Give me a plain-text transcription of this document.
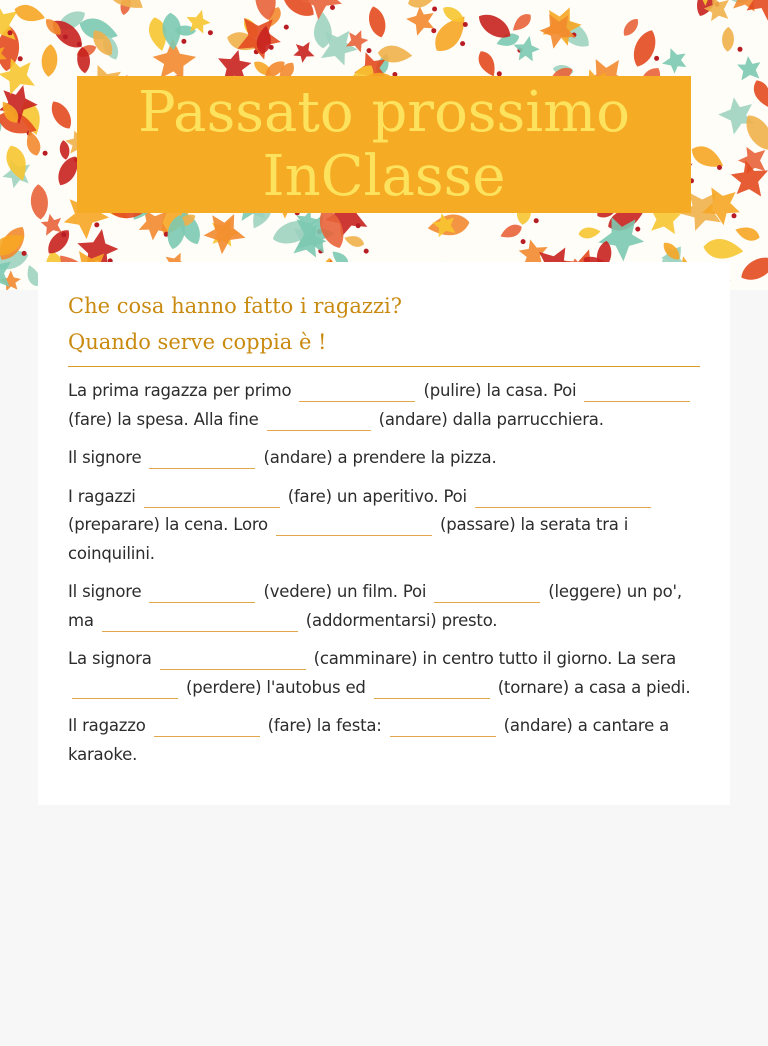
Passato prossimo
InClasse
Che cosa hanno fatto i ragazzi?
Quando serve coppia è !

La prima ragazza per primo	(pulire) la casa. Poi
(fare) la spesa. Alla fine	(andare) dalla parrucchiera.

Il signore	(andare) a prendere la pizza.

I ragazzi	(fare) un aperitivo. Poi
(preparare) la cena. Loro	(passare) la serata tra i coinquilini.

Il signore	(vedere) un film. Poi	(leggere) un po',
ma	(addormentarsi) presto.

La signora	(camminare) in centro tutto il giorno. La sera
(perdere) l'autobus ed	(tornare) a casa a piedi.

Il ragazzo	(fare) la festa:	(andare) a cantare a karaoke.
